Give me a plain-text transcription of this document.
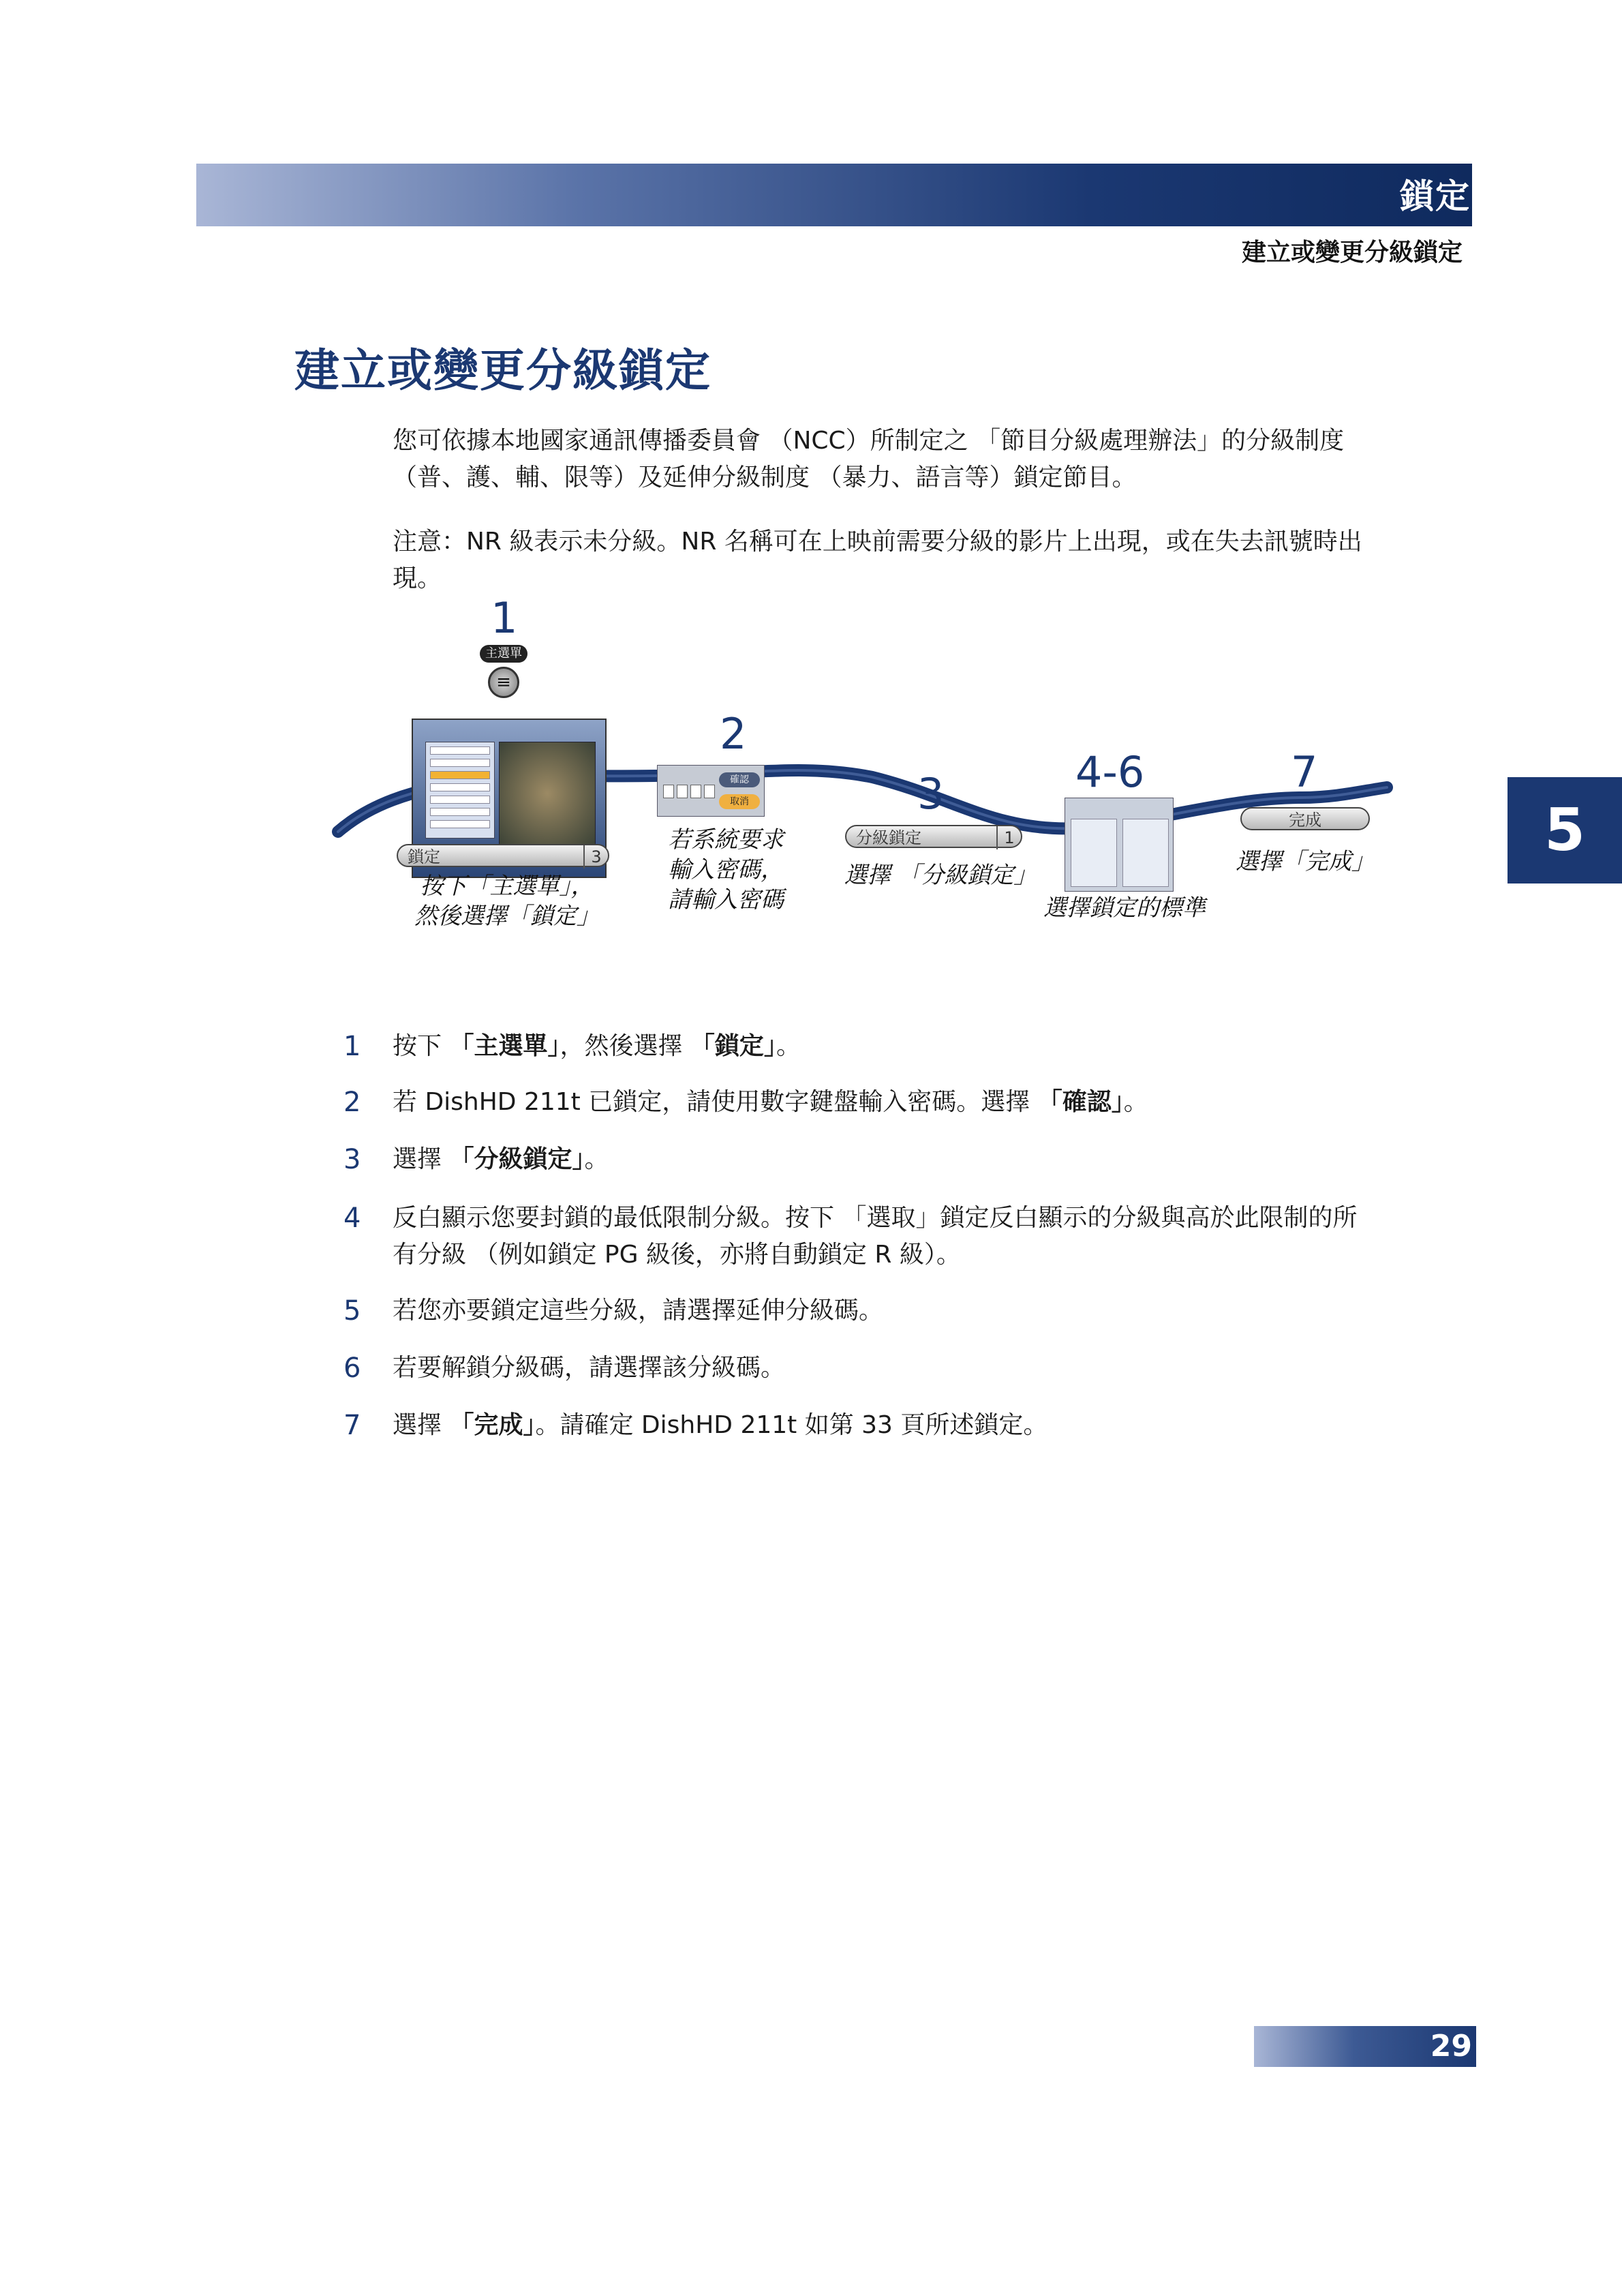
鎖定
建立或變更分級鎖定
5
建立或變更分級鎖定
您可依據本地國家通訊傳播委員會 （NCC）所制定之 「節目分級處理辦法」的分級制度
（普、護、輔、限等）及延伸分級制度 （暴力、語言等）鎖定節目。
注意：NR 級表示未分級。NR 名稱可在上映前需要分級的影片上出現，或在失去訊號時出
現。
1
主選單
≡
鎖定	3
按下「主選單」，
然後選擇「鎖定」
2
確認
取消
若系統要求
輸入密碼，
請輸入密碼
3
分級鎖定	1
選擇 「分級鎖定」
4-6
選擇鎖定的標準
7
完成
選擇「完成」
1 按下 「主選單」，然後選擇 「鎖定」。
2 若 DishHD 211t 已鎖定，請使用數字鍵盤輸入密碼。選擇 「確認」。
3 選擇 「分級鎖定」。
4 反白顯示您要封鎖的最低限制分級。按下 「選取」鎖定反白顯示的分級與高於此限制的所
有分級 （例如鎖定 PG 級後，亦將自動鎖定 R 級）。
5 若您亦要鎖定這些分級，請選擇延伸分級碼。
6 若要解鎖分級碼，請選擇該分級碼。
7 選擇 「完成」。請確定 DishHD 211t 如第 33 頁所述鎖定。
29
